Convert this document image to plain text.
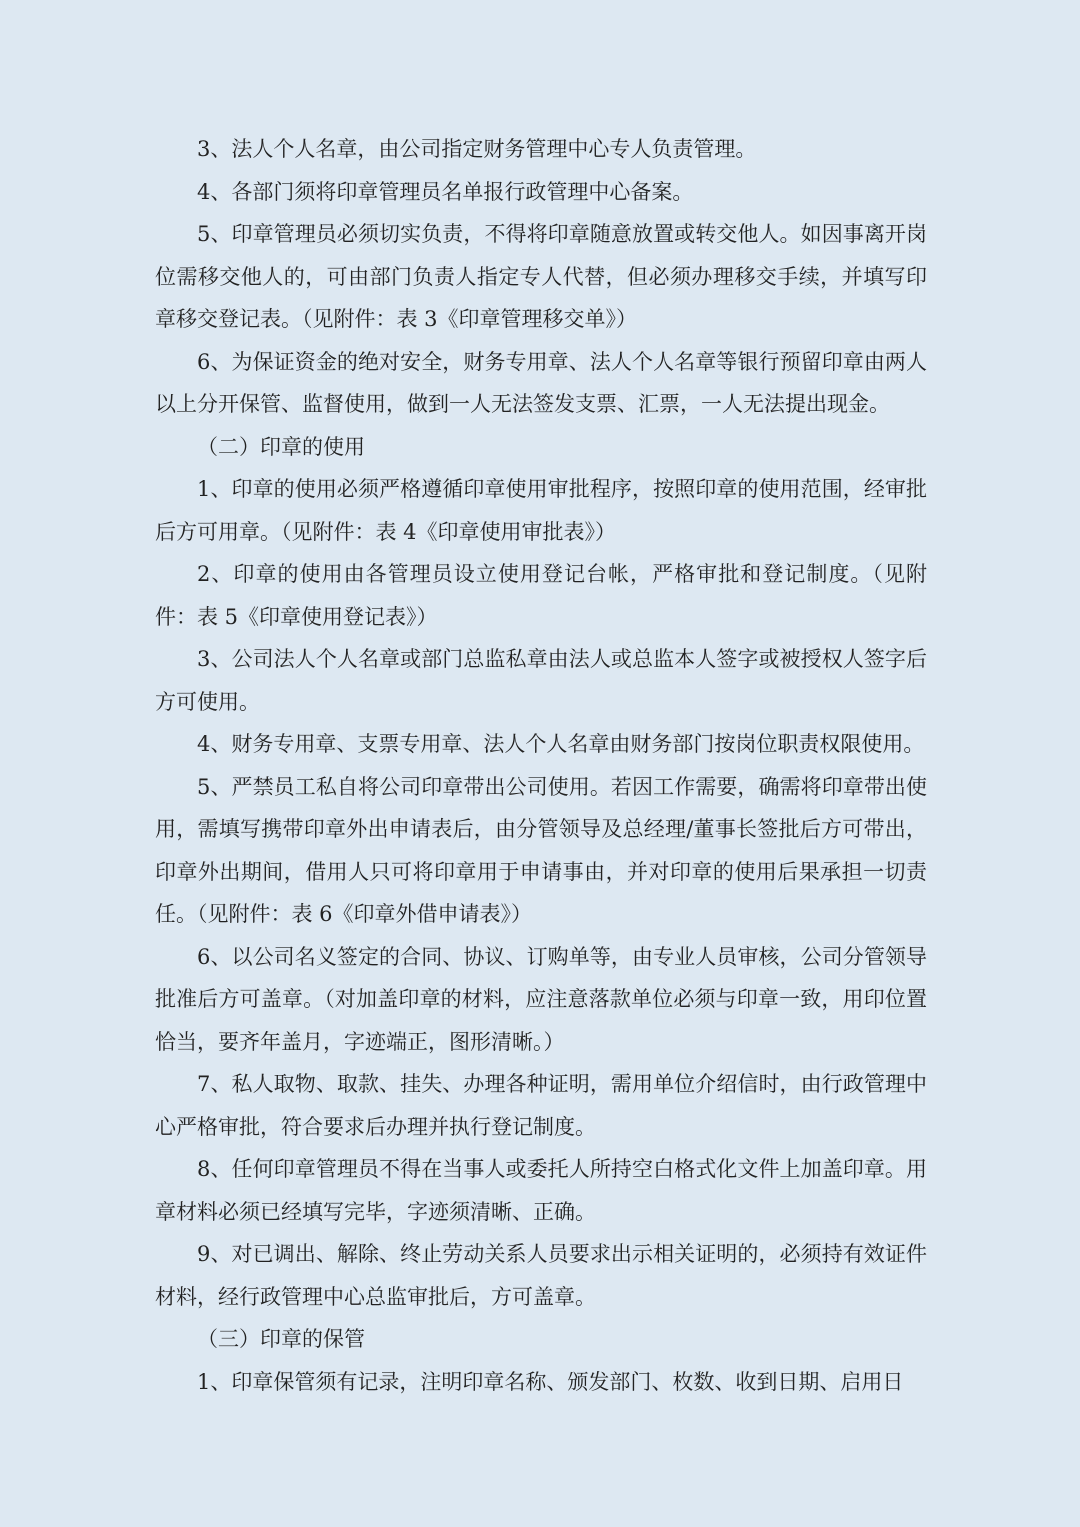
3、法人个人名章，由公司指定财务管理中心专人负责管理。

4、各部门须将印章管理员名单报行政管理中心备案。

5、印章管理员必须切实负责，不得将印章随意放置或转交他人。如因事离开岗位需移交他人的，可由部门负责人指定专人代替，但必须办理移交手续，并填写印章移交登记表。（见附件：表 3《印章管理移交单》）

6、为保证资金的绝对安全，财务专用章、法人个人名章等银行预留印章由两人以上分开保管、监督使用，做到一人无法签发支票、汇票，一人无法提出现金。

（二）印章的使用

1、印章的使用必须严格遵循印章使用审批程序，按照印章的使用范围，经审批后方可用章。（见附件：表 4《印章使用审批表》）

2、印章的使用由各管理员设立使用登记台帐，严格审批和登记制度。（见附件：表 5《印章使用登记表》）

3、公司法人个人名章或部门总监私章由法人或总监本人签字或被授权人签字后方可使用。

4、财务专用章、支票专用章、法人个人名章由财务部门按岗位职责权限使用。

5、严禁员工私自将公司印章带出公司使用。若因工作需要，确需将印章带出使用，需填写携带印章外出申请表后，由分管领导及总经理/董事长签批后方可带出，印章外出期间，借用人只可将印章用于申请事由，并对印章的使用后果承担一切责任。（见附件：表 6《印章外借申请表》）

6、以公司名义签定的合同、协议、订购单等，由专业人员审核，公司分管领导批准后方可盖章。（对加盖印章的材料，应注意落款单位必须与印章一致，用印位置恰当，要齐年盖月，字迹端正，图形清晰。）

7、私人取物、取款、挂失、办理各种证明，需用单位介绍信时，由行政管理中心严格审批，符合要求后办理并执行登记制度。

8、任何印章管理员不得在当事人或委托人所持空白格式化文件上加盖印章。用章材料必须已经填写完毕，字迹须清晰、正确。

9、对已调出、解除、终止劳动关系人员要求出示相关证明的，必须持有效证件材料，经行政管理中心总监审批后，方可盖章。

（三）印章的保管

1、印章保管须有记录，注明印章名称、颁发部门、枚数、收到日期、启用日
